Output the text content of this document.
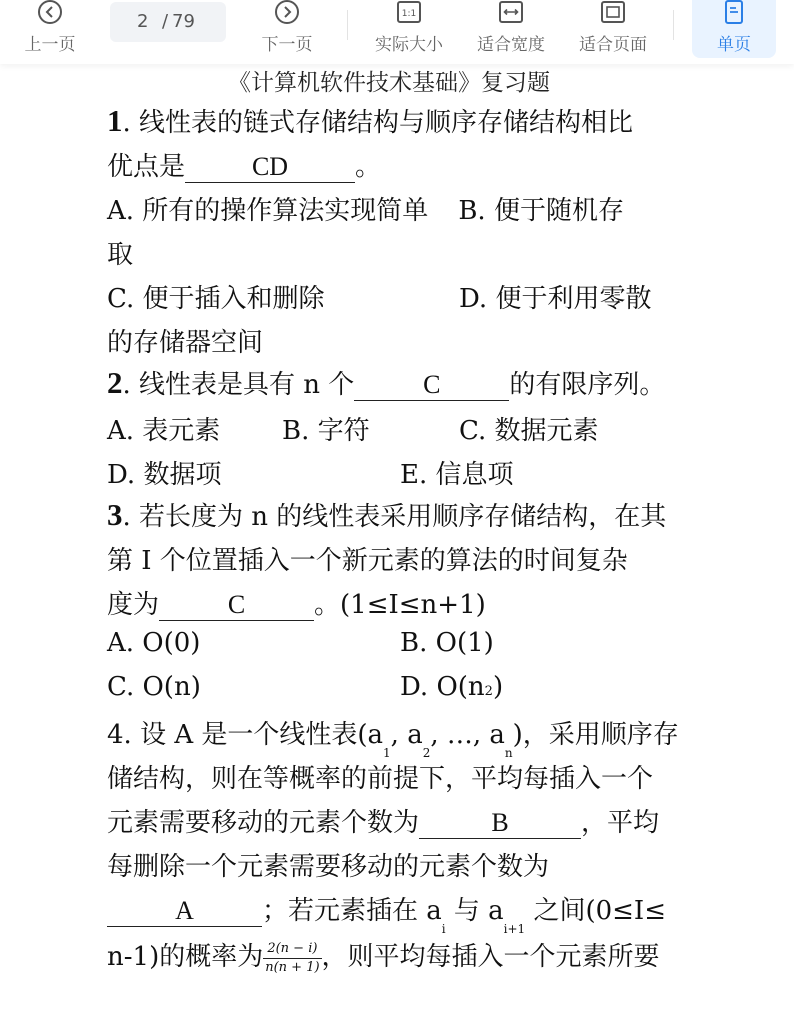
上一页
2 / 79
下一页
1:1
实际大小	适合宽度	适合页面	单页
《计算机软件技术基础》复习题
1. 线性表的链式存储结构与顺序存储结构相比
优点是	CD	。
A. 所有的操作算法实现简单 B. 便于随机存
取
C. 便于插入和删除	D. 便于利用零散
的存储器空间
2. 线性表是具有 n 个	C	的有限序列。
A. 表元素 B. 字符	C. 数据元素
D. 数据项	E. 信息项
3. 若长度为 n 的线性表采用顺序存储结构，在其
第 I 个位置插入一个新元素的算法的时间复杂
度为	C	。(1≤I≤n+1)
A. O(0)	B. O(1)
C. O(n)	D. O(n2)
4. 设 A 是一个线性表($a_1$, $a_2$, …, $a_n$)，采用顺序存
储结构，则在等概率的前提下，平均每插入一个
元素需要移动的元素个数为	B	，平均
每删除一个元素需要移动的元素个数为
A	；若元素插在 $a_i$ 与 $a_{i+1}$ 之间(0≤I≤
n-1)的概率为 $\frac{2(n - i)}{n(n + 1)}$ ，则平均每插入一个元素所要
